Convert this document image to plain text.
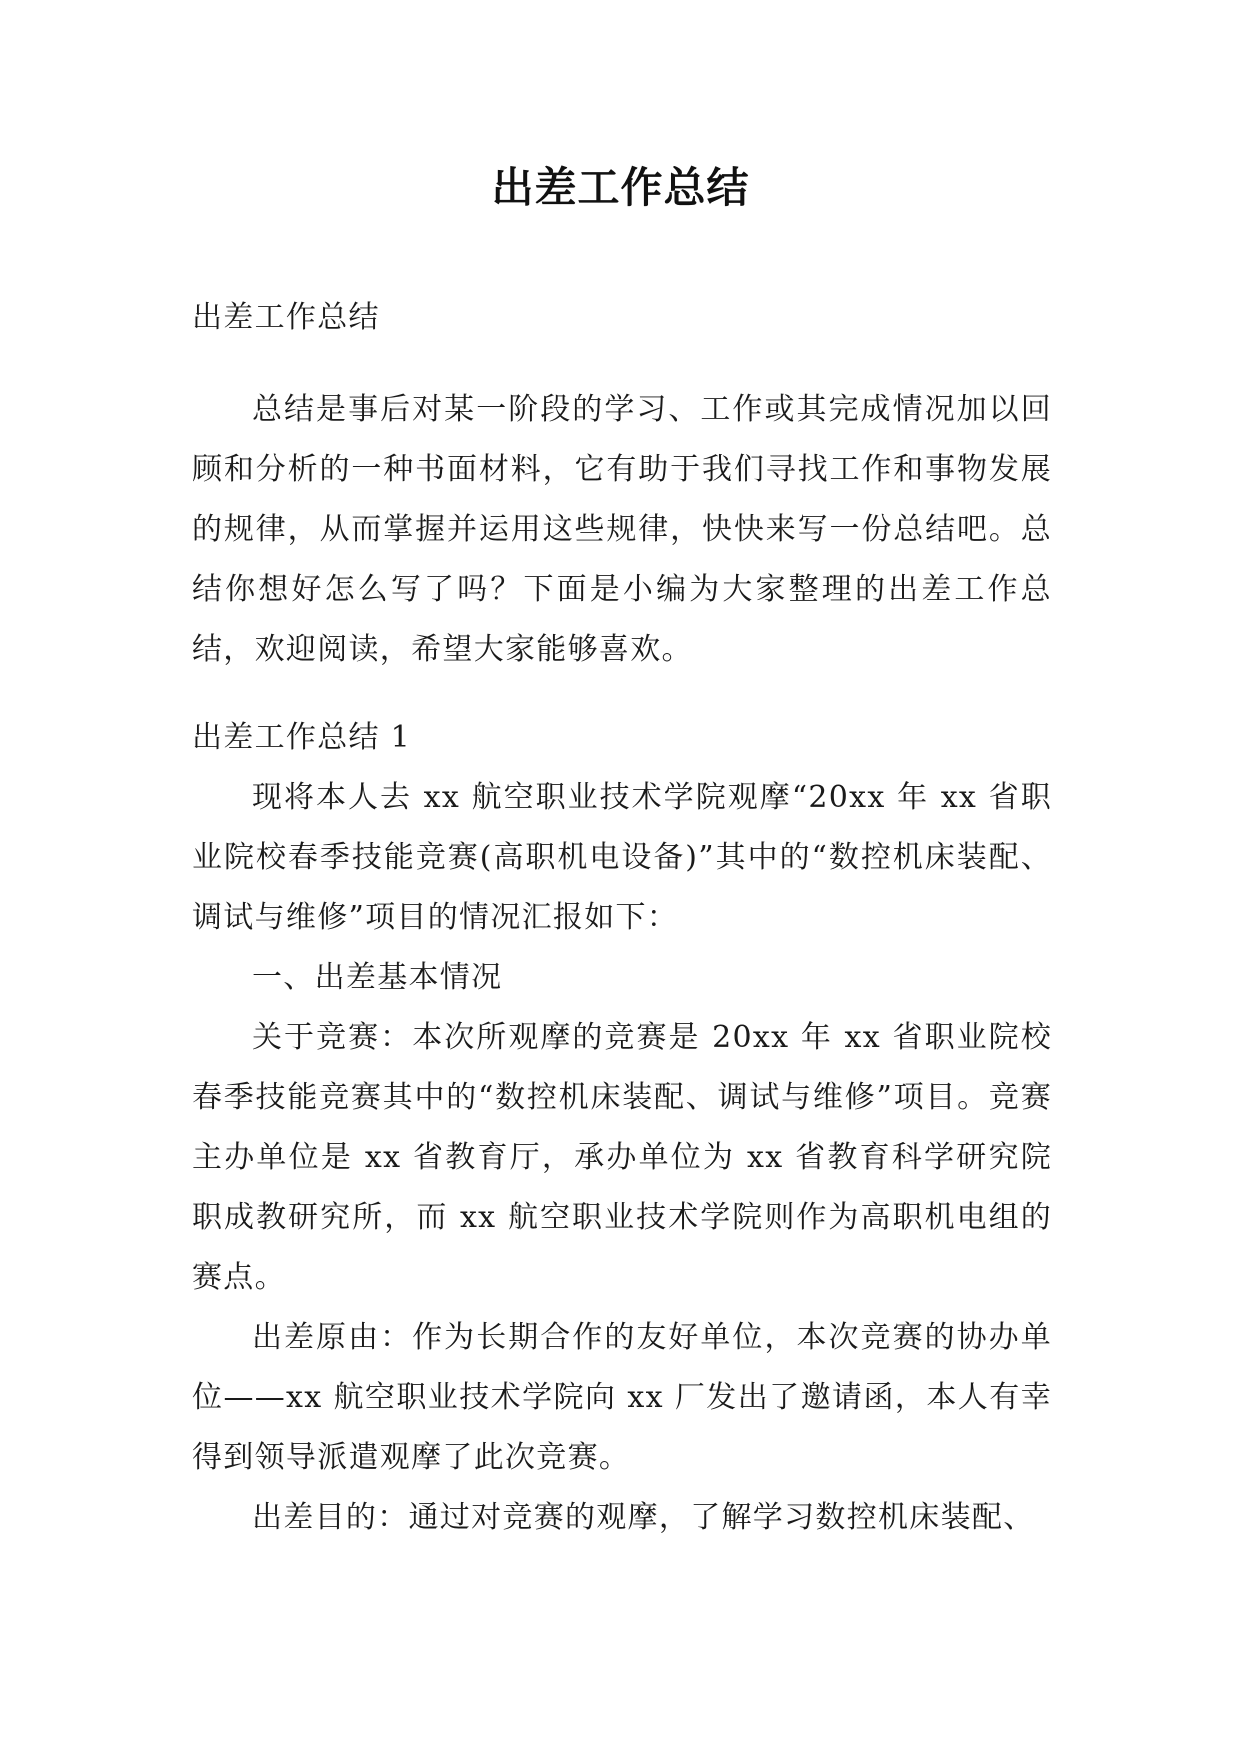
出差工作总结

出差工作总结

总结是事后对某一阶段的学习、工作或其完成情况加以回顾和分析的一种书面材料，它有助于我们寻找工作和事物发展的规律，从而掌握并运用这些规律，快快来写一份总结吧。总结你想好怎么写了吗？下面是小编为大家整理的出差工作总结，欢迎阅读，希望大家能够喜欢。

出差工作总结 1

现将本人去 xx 航空职业技术学院观摩“20xx 年 xx 省职业院校春季技能竞赛(高职机电设备)”其中的“数控机床装配、调试与维修”项目的情况汇报如下：

一、出差基本情况

关于竞赛：本次所观摩的竞赛是 20xx 年 xx 省职业院校春季技能竞赛其中的“数控机床装配、调试与维修”项目。竞赛主办单位是 xx 省教育厅，承办单位为 xx 省教育科学研究院职成教研究所，而 xx 航空职业技术学院则作为高职机电组的赛点。

出差原由：作为长期合作的友好单位，本次竞赛的协办单位——xx 航空职业技术学院向 xx 厂发出了邀请函，本人有幸得到领导派遣观摩了此次竞赛。

出差目的：通过对竞赛的观摩，了解学习数控机床装配、
